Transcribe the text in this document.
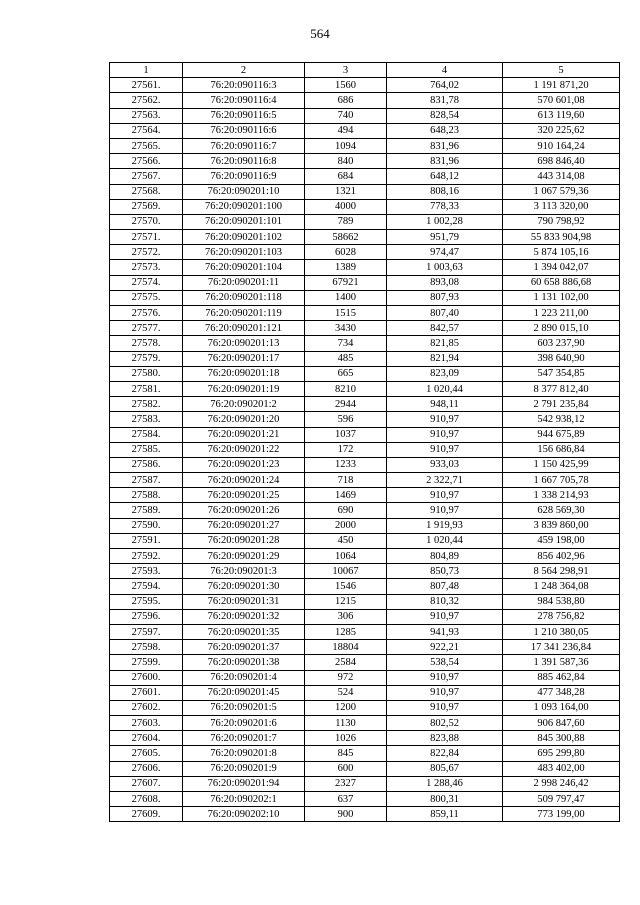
564
1	2	3	4	5
27561.	76:20:090116:3	1560	764,02	1 191 871,20
27562.	76:20:090116:4	686	831,78	570 601,08
27563.	76:20:090116:5	740	828,54	613 119,60
27564.	76:20:090116:6	494	648,23	320 225,62
27565.	76:20:090116:7	1094	831,96	910 164,24
27566.	76:20:090116:8	840	831,96	698 846,40
27567.	76:20:090116:9	684	648,12	443 314,08
27568.	76:20:090201:10	1321	808,16	1 067 579,36
27569.	76:20:090201:100	4000	778,33	3 113 320,00
27570.	76:20:090201:101	789	1 002,28	790 798,92
27571.	76:20:090201:102	58662	951,79	55 833 904,98
27572.	76:20:090201:103	6028	974,47	5 874 105,16
27573.	76:20:090201:104	1389	1 003,63	1 394 042,07
27574.	76:20:090201:11	67921	893,08	60 658 886,68
27575.	76:20:090201:118	1400	807,93	1 131 102,00
27576.	76:20:090201:119	1515	807,40	1 223 211,00
27577.	76:20:090201:121	3430	842,57	2 890 015,10
27578.	76:20:090201:13	734	821,85	603 237,90
27579.	76:20:090201:17	485	821,94	398 640,90
27580.	76:20:090201:18	665	823,09	547 354,85
27581.	76:20:090201:19	8210	1 020,44	8 377 812,40
27582.	76:20:090201:2	2944	948,11	2 791 235,84
27583.	76:20:090201:20	596	910,97	542 938,12
27584.	76:20:090201:21	1037	910,97	944 675,89
27585.	76:20:090201:22	172	910,97	156 686,84
27586.	76:20:090201:23	1233	933,03	1 150 425,99
27587.	76:20:090201:24	718	2 322,71	1 667 705,78
27588.	76:20:090201:25	1469	910,97	1 338 214,93
27589.	76:20:090201:26	690	910,97	628 569,30
27590.	76:20:090201:27	2000	1 919,93	3 839 860,00
27591.	76:20:090201:28	450	1 020,44	459 198,00
27592.	76:20:090201:29	1064	804,89	856 402,96
27593.	76:20:090201:3	10067	850,73	8 564 298,91
27594.	76:20:090201:30	1546	807,48	1 248 364,08
27595.	76:20:090201:31	1215	810,32	984 538,80
27596.	76:20:090201:32	306	910,97	278 756,82
27597.	76:20:090201:35	1285	941,93	1 210 380,05
27598.	76:20:090201:37	18804	922,21	17 341 236,84
27599.	76:20:090201:38	2584	538,54	1 391 587,36
27600.	76:20:090201:4	972	910,97	885 462,84
27601.	76:20:090201:45	524	910,97	477 348,28
27602.	76:20:090201:5	1200	910,97	1 093 164,00
27603.	76:20:090201:6	1130	802,52	906 847,60
27604.	76:20:090201:7	1026	823,88	845 300,88
27605.	76:20:090201:8	845	822,84	695 299,80
27606.	76:20:090201:9	600	805,67	483 402,00
27607.	76:20:090201:94	2327	1 288,46	2 998 246,42
27608.	76:20:090202:1	637	800,31	509 797,47
27609.	76:20:090202:10	900	859,11	773 199,00
